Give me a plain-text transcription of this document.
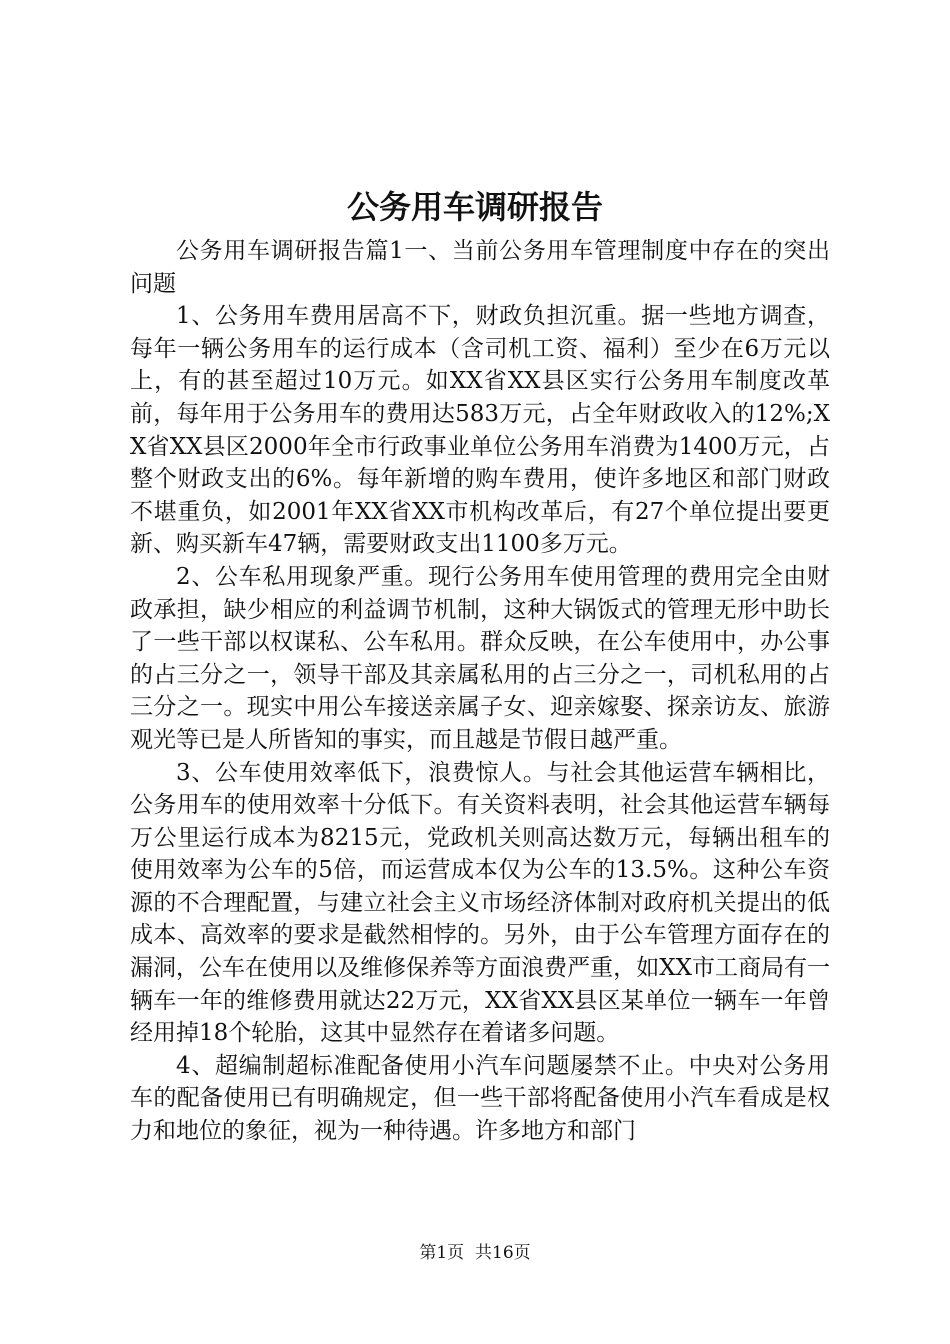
公务用车调研报告

公务用车调研报告篇1一、当前公务用车管理制度中存在的突出问题

1、公务用车费用居高不下，财政负担沉重。据一些地方调查，每年一辆公务用车的运行成本（含司机工资、福利）至少在6万元以上，有的甚至超过10万元。如XX省XX县区实行公务用车制度改革前，每年用于公务用车的费用达583万元，占全年财政收入的12%;XX省XX县区2000年全市行政事业单位公务用车消费为1400万元，占整个财政支出的6%。每年新增的购车费用，使许多地区和部门财政不堪重负，如2001年XX省XX市机构改革后，有27个单位提出要更新、购买新车47辆，需要财政支出1100多万元。

2、公车私用现象严重。现行公务用车使用管理的费用完全由财政承担，缺少相应的利益调节机制，这种大锅饭式的管理无形中助长了一些干部以权谋私、公车私用。群众反映，在公车使用中，办公事的占三分之一，领导干部及其亲属私用的占三分之一，司机私用的占三分之一。现实中用公车接送亲属子女、迎亲嫁娶、探亲访友、旅游观光等已是人所皆知的事实，而且越是节假日越严重。

3、公车使用效率低下，浪费惊人。与社会其他运营车辆相比，公务用车的使用效率十分低下。有关资料表明，社会其他运营车辆每万公里运行成本为8215元，党政机关则高达数万元，每辆出租车的使用效率为公车的5倍，而运营成本仅为公车的13.5%。这种公车资源的不合理配置，与建立社会主义市场经济体制对政府机关提出的低成本、高效率的要求是截然相悖的。另外，由于公车管理方面存在的漏洞，公车在使用以及维修保养等方面浪费严重，如XX市工商局有一辆车一年的维修费用就达22万元，XX省XX县区某单位一辆车一年曾经用掉18个轮胎，这其中显然存在着诸多问题。

4、超编制超标准配备使用小汽车问题屡禁不止。中央对公务用车的配备使用已有明确规定，但一些干部将配备使用小汽车看成是权力和地位的象征，视为一种待遇。许多地方和部门

第1页 共16页
